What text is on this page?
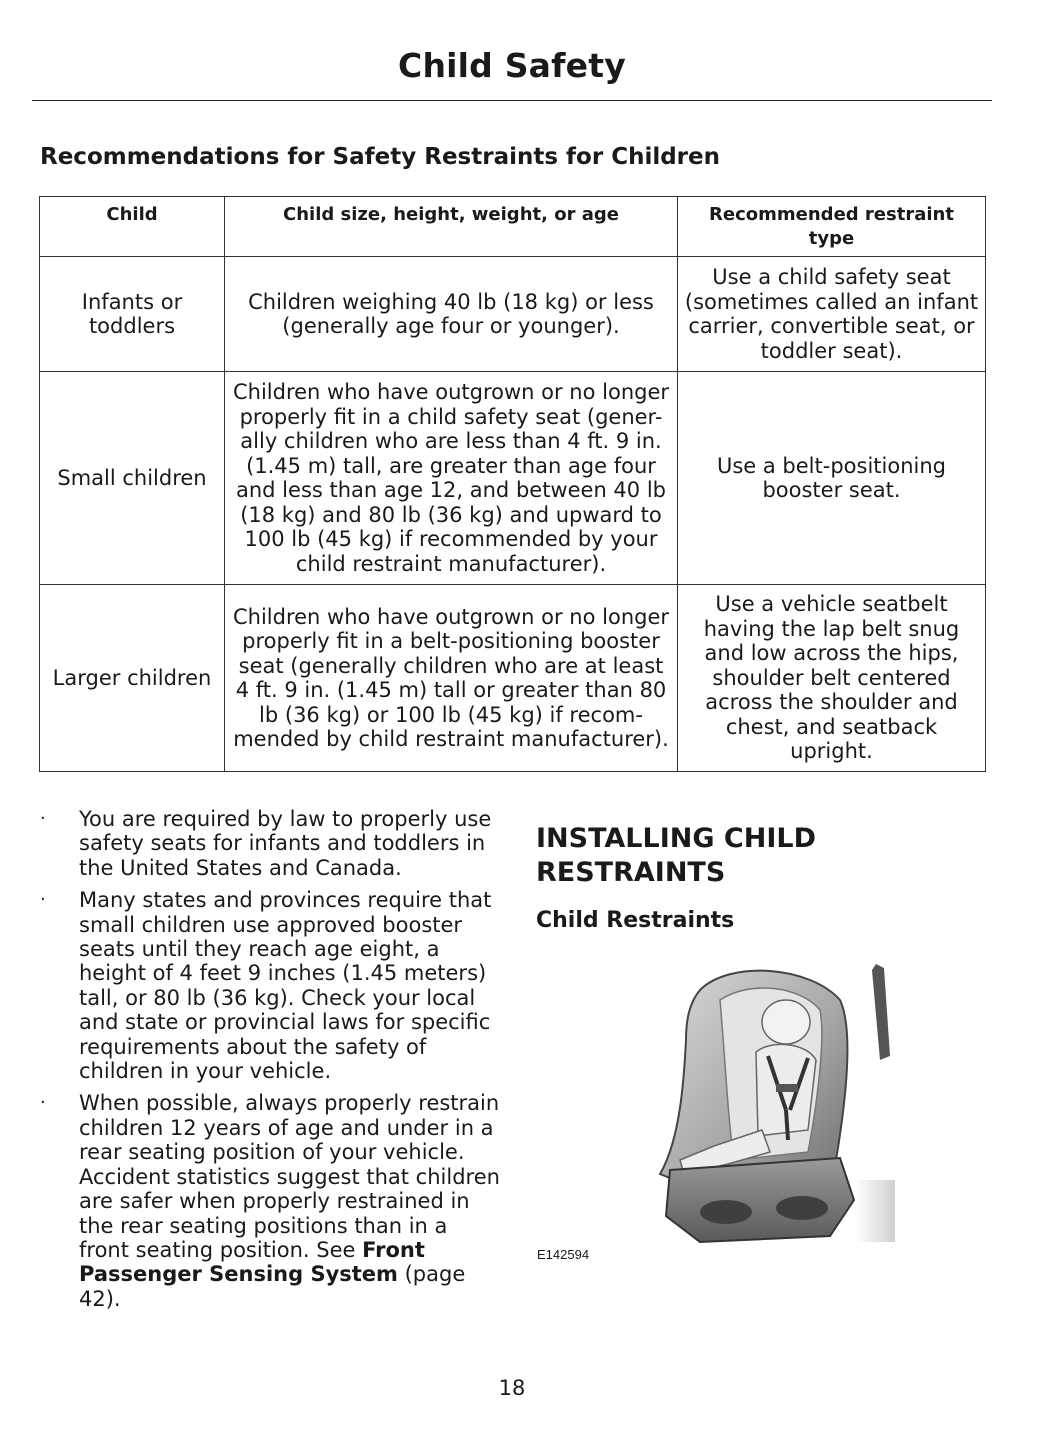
Child Safety
Recommendations for Safety Restraints for Children
Child	Child size, height, weight, or age	Recommended restraint type

Infants or toddlers	Children weighing 40 lb (18 kg) or less (generally age four or younger).	Use a child safety seat (sometimes called an infant carrier, convertible seat, or toddler seat).
Small children	Children who have outgrown or no longer properly fit in a child safety seat (gener-ally children who are less than 4 ft. 9 in. (1.45 m) tall, are greater than age four and less than age 12, and between 40 lb (18 kg) and 80 lb (36 kg) and upward to 100 lb (45 kg) if recommended by your child restraint manufacturer).	Use a belt-positioning booster seat.

Larger children	Children who have outgrown or no longer properly fit in a belt-positioning booster seat (generally children who are at least 4 ft. 9 in. (1.45 m) tall or greater than 80 lb (36 kg) or 100 lb (45 kg) if recom-mended by child restraint manufacturer).	Use a vehicle seatbelt having the lap belt snug and low across the hips, shoulder belt centered across the shoulder and chest, and seatback upright.
· You are required by law to properly use safety seats for infants and toddlers in the United States and Canada.
· Many states and provinces require that small children use approved booster seats until they reach age eight, a height of 4 feet 9 inches (1.45 meters) tall, or 80 lb (36 kg). Check your local and state or provincial laws for specific requirements about the safety of children in your vehicle.
· When possible, always properly restrain children 12 years of age and under in a rear seating position of your vehicle. Accident statistics suggest that children are safer when properly restrained in the rear seating positions than in a front seating position. See Front Passenger Sensing System (page 42).
INSTALLING CHILD
RESTRAINTS
Child Restraints
E142594
18
